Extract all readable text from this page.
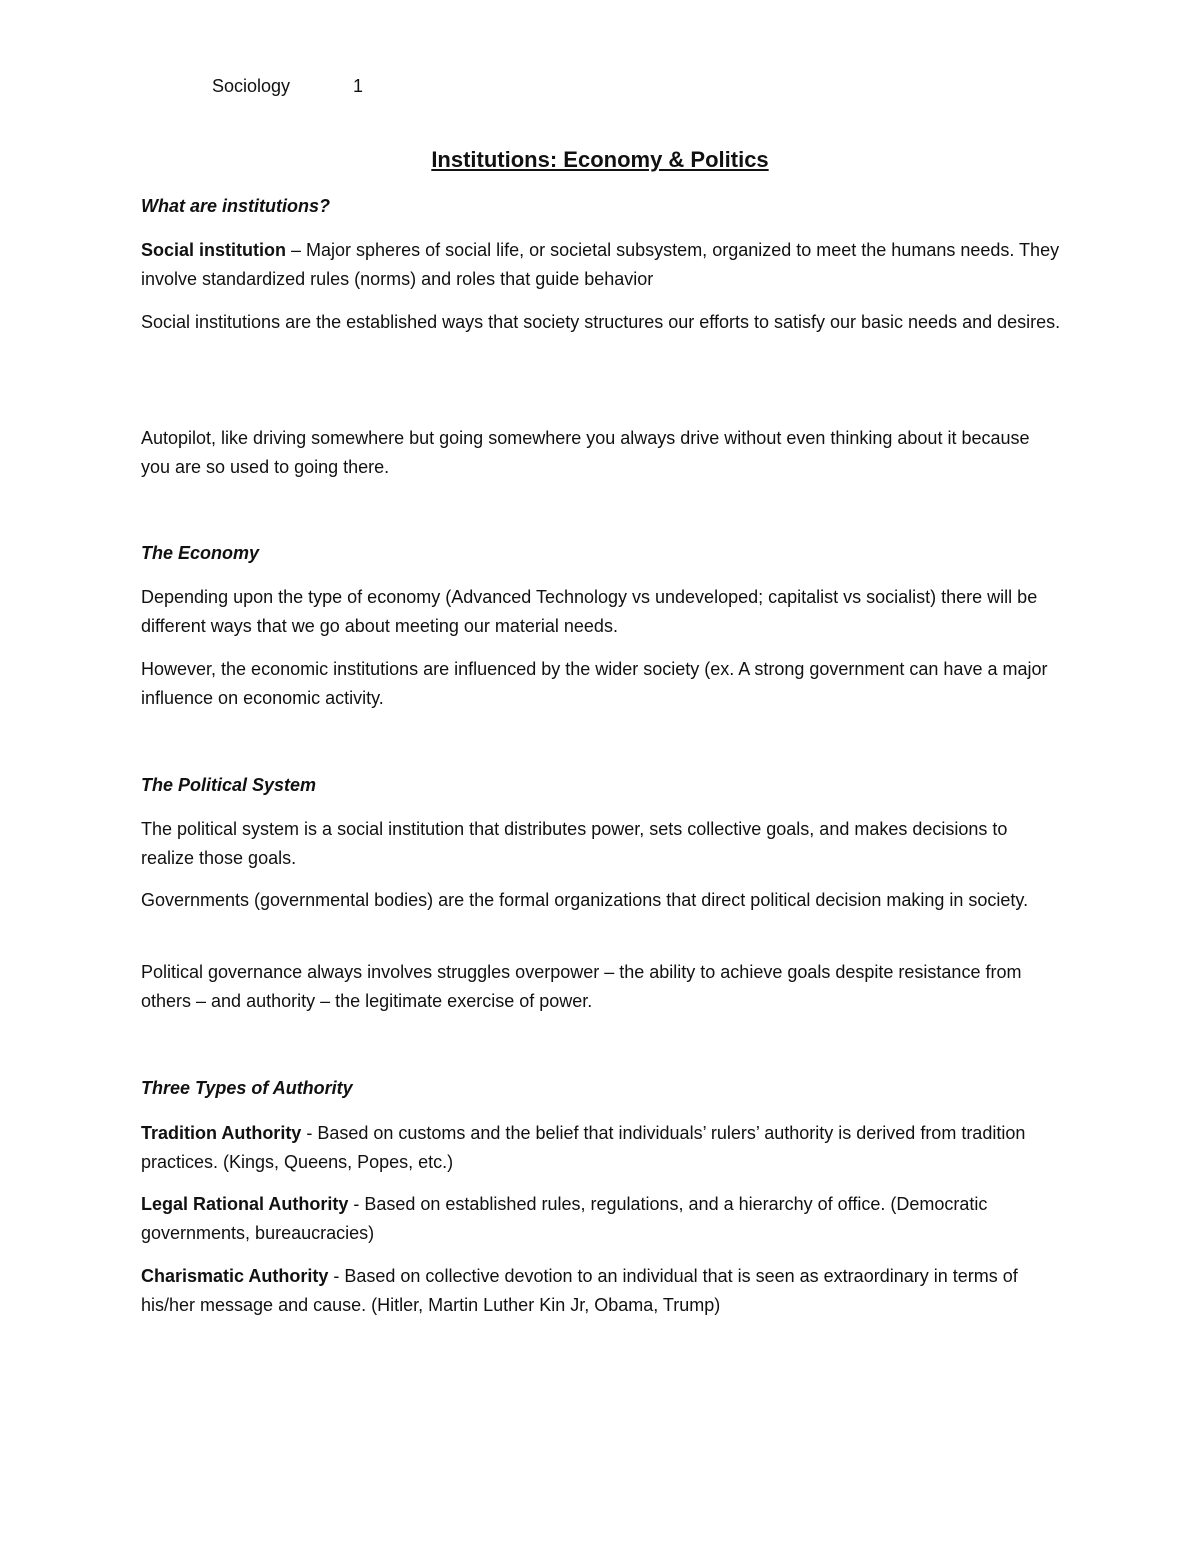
Sociology	1
Institutions: Economy & Politics

What are institutions?

Social institution – Major spheres of social life, or societal subsystem, organized to meet the humans needs. They involve standardized rules (norms) and roles that guide behavior

Social institutions are the established ways that society structures our efforts to satisfy our basic needs and desires.

Autopilot, like driving somewhere but going somewhere you always drive without even thinking about it because you are so used to going there.

The Economy

Depending upon the type of economy (Advanced Technology vs undeveloped; capitalist vs socialist) there will be different ways that we go about meeting our material needs.

However, the economic institutions are influenced by the wider society (ex. A strong government can have a major influence on economic activity.

The Political System

The political system is a social institution that distributes power, sets collective goals, and makes decisions to realize those goals.

Governments (governmental bodies) are the formal organizations that direct political decision making in society.

Political governance always involves struggles overpower – the ability to achieve goals despite resistance from others – and authority – the legitimate exercise of power.

Three Types of Authority

Tradition Authority - Based on customs and the belief that individuals’ rulers’ authority is derived from tradition practices. (Kings, Queens, Popes, etc.)

Legal Rational Authority - Based on established rules, regulations, and a hierarchy of office. (Democratic governments, bureaucracies)

Charismatic Authority - Based on collective devotion to an individual that is seen as extraordinary in terms of his/her message and cause. (Hitler, Martin Luther Kin Jr, Obama, Trump)
